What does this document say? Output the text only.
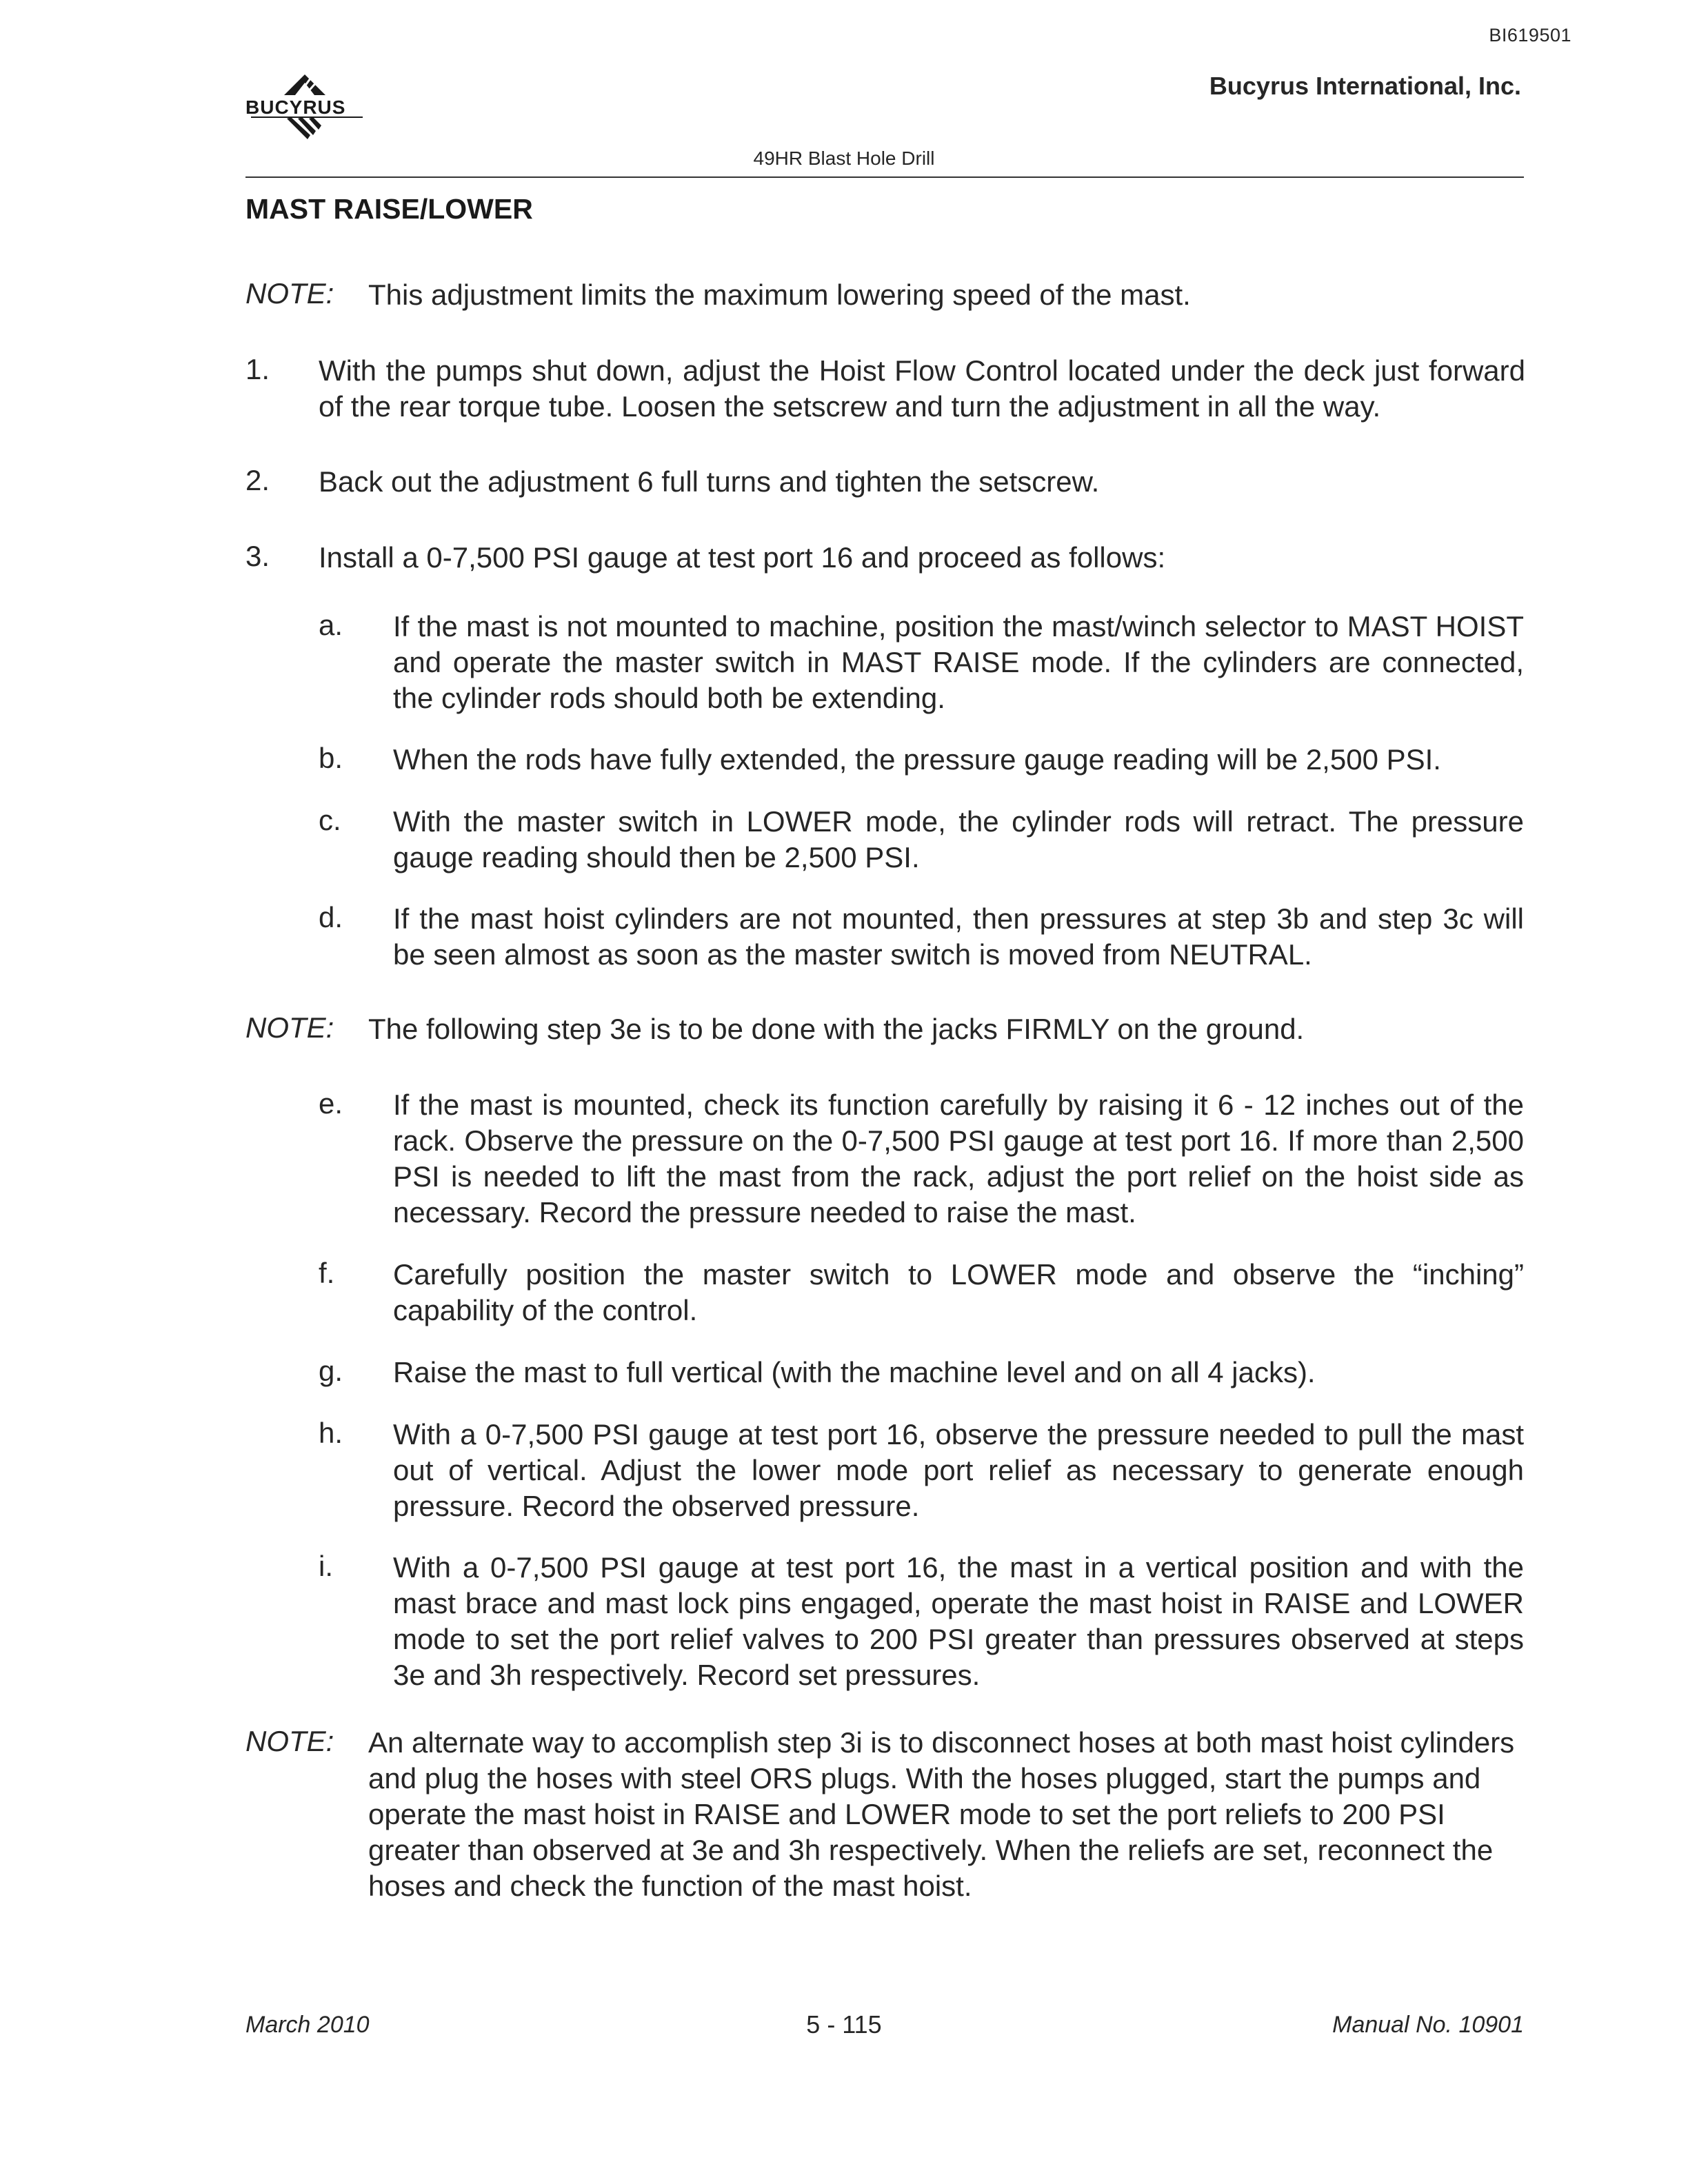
BI619501
BUCYRUS
Bucyrus International, Inc.
49HR Blast Hole Drill
MAST RAISE/LOWER
NOTE: This adjustment limits the maximum lowering speed of the mast.
1. With the pumps shut down, adjust the Hoist Flow Control located under the deck just forward of the rear torque tube. Loosen the setscrew and turn the adjustment in all the way.
2. Back out the adjustment 6 full turns and tighten the setscrew.
3. Install a 0-7,500 PSI gauge at test port 16 and proceed as follows:
a. If the mast is not mounted to machine, position the mast/winch selector to MAST HOIST and operate the master switch in MAST RAISE mode. If the cylinders are connected, the cylinder rods should both be extending.
b. When the rods have fully extended, the pressure gauge reading will be 2,500 PSI.
c. With the master switch in LOWER mode, the cylinder rods will retract. The pressure gauge reading should then be 2,500 PSI.
d. If the mast hoist cylinders are not mounted, then pressures at step 3b and step 3c will be seen almost as soon as the master switch is moved from NEUTRAL.
NOTE: The following step 3e is to be done with the jacks FIRMLY on the ground.
e. If the mast is mounted, check its function carefully by raising it 6 - 12 inches out of the rack. Observe the pressure on the 0-7,500 PSI gauge at test port 16. If more than 2,500 PSI is needed to lift the mast from the rack, adjust the port relief on the hoist side as necessary. Record the pressure needed to raise the mast.
f. Carefully position the master switch to LOWER mode and observe the “inching” capability of the control.
g. Raise the mast to full vertical (with the machine level and on all 4 jacks).
h. With a 0-7,500 PSI gauge at test port 16, observe the pressure needed to pull the mast out of vertical. Adjust the lower mode port relief as necessary to generate enough pressure. Record the observed pressure.
i. With a 0-7,500 PSI gauge at test port 16, the mast in a vertical position and with the mast brace and mast lock pins engaged, operate the mast hoist in RAISE and LOWER mode to set the port relief valves to 200 PSI greater than pressures observed at steps 3e and 3h respectively. Record set pressures.
NOTE: An alternate way to accomplish step 3i is to disconnect hoses at both mast hoist cylinders and plug the hoses with steel ORS plugs. With the hoses plugged, start the pumps and operate the mast hoist in RAISE and LOWER mode to set the port reliefs to 200 PSI greater than observed at 3e and 3h respectively. When the reliefs are set, reconnect the hoses and check the function of the mast hoist.
March 2010	5 - 115	Manual No. 10901
